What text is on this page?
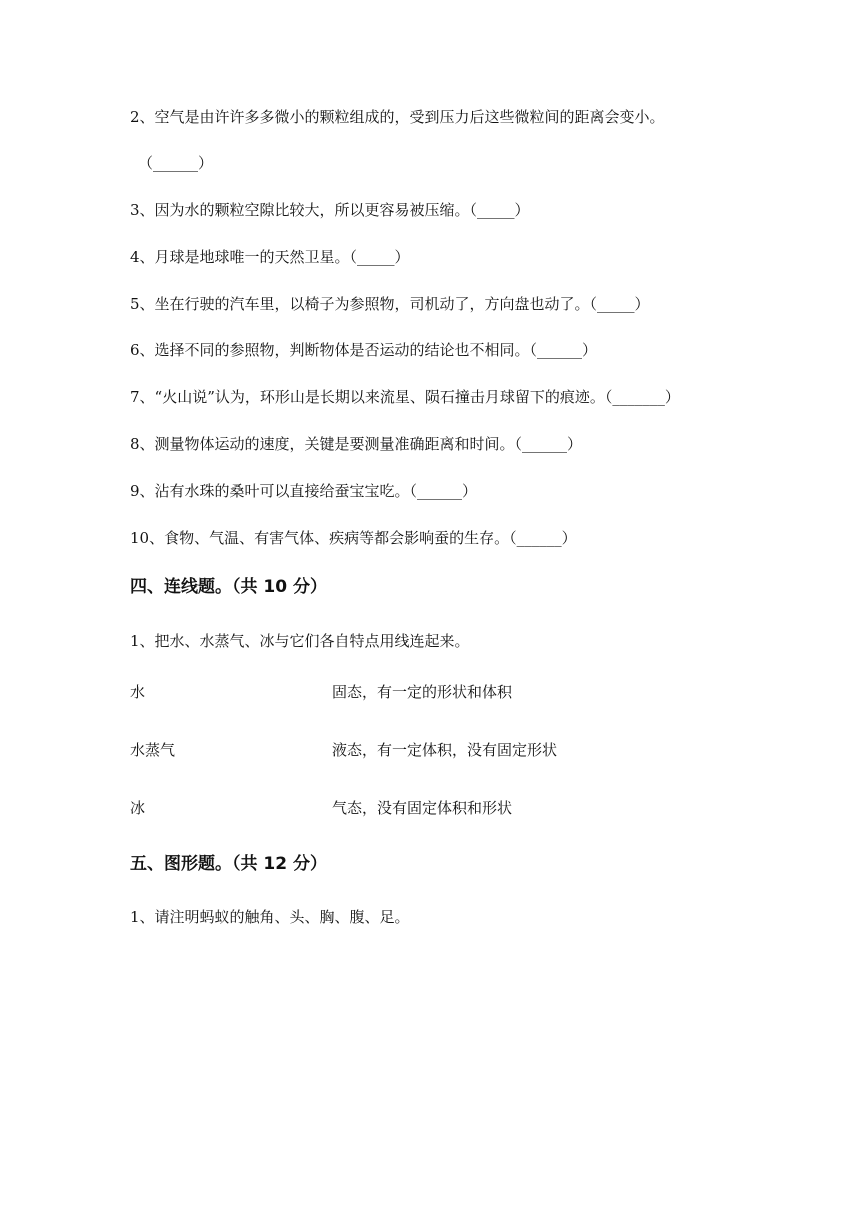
2、空气是由许许多多微小的颗粒组成的，受到压力后这些微粒间的距离会变小。
（______）
3、因为水的颗粒空隙比较大，所以更容易被压缩。（_____）
4、月球是地球唯一的天然卫星。（_____）
5、坐在行驶的汽车里，以椅子为参照物，司机动了，方向盘也动了。（_____）
6、选择不同的参照物，判断物体是否运动的结论也不相同。（______）
7、“火山说”认为，环形山是长期以来流星、陨石撞击月球留下的痕迹。（_______）
8、测量物体运动的速度，关键是要测量准确距离和时间。（______）
9、沾有水珠的桑叶可以直接给蚕宝宝吃。（______）
10、食物、气温、有害气体、疾病等都会影响蚕的生存。（______）
四、连线题。（共 10 分）
1、把水、水蒸气、冰与它们各自特点用线连起来。
水	固态，有一定的形状和体积
水蒸气	液态，有一定体积，没有固定形状
冰	气态，没有固定体积和形状
五、图形题。（共 12 分）
1、请注明蚂蚁的触角、头、胸、腹、足。
